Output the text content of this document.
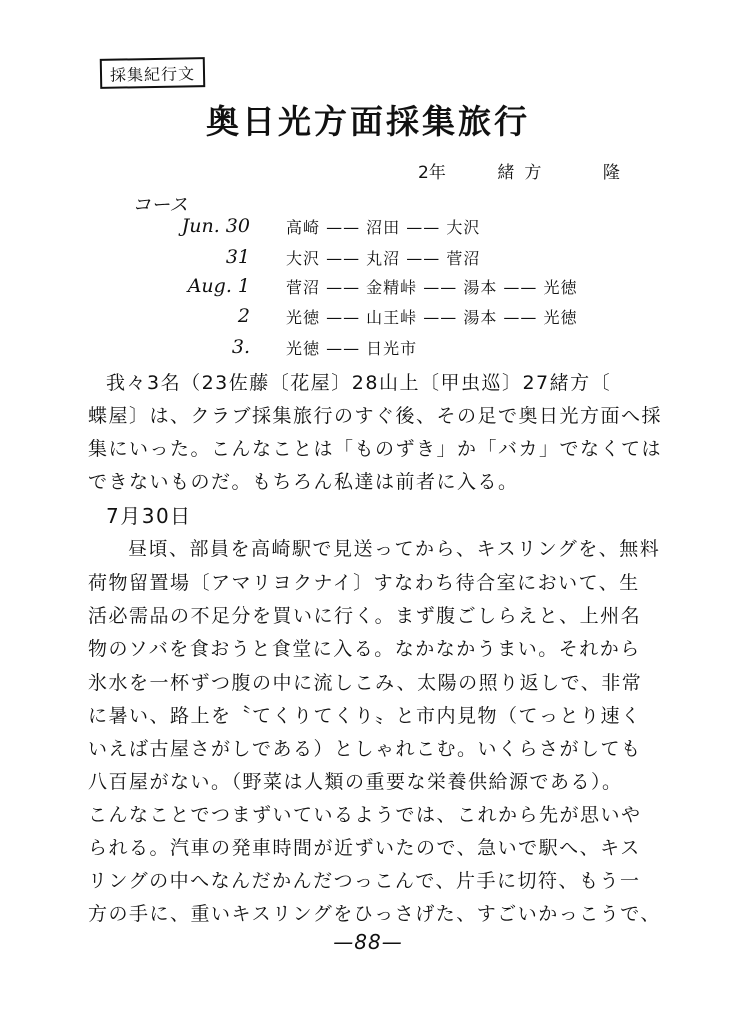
採集紀行文
奥日光方面採集旅行
2年	緒方	隆
コース
Jun. 30 高崎 —— 沼田 —— 大沢
31 大沢 —— 丸沼 —— 菅沼
Aug. 1 菅沼 —— 金精峠 —— 湯本 —— 光徳
2 光徳 —— 山王峠 —— 湯本 —— 光徳
3. 光徳 —— 日光市
我々3名（23佐藤〔花屋〕28山上〔甲虫巡〕27緒方〔
蝶屋〕は、クラブ採集旅行のすぐ後、その足で奥日光方面へ採
集にいった。こんなことは「ものずき」か「バカ」でなくては
できないものだ。もちろん私達は前者に入る。
7月30日
昼頃、部員を高崎駅で見送ってから、キスリングを、無料
荷物留置場〔アマリヨクナイ〕すなわち待合室において、生
活必需品の不足分を買いに行く。まず腹ごしらえと、上州名
物のソバを食おうと食堂に入る。なかなかうまい。それから
氷水を一杯ずつ腹の中に流しこみ、太陽の照り返しで、非常
に暑い、路上を〝てくりてくり〟と市内見物（てっとり速く
いえば古屋さがしである）としゃれこむ。いくらさがしても
八百屋がない。（野菜は人類の重要な栄養供給源である）。
こんなことでつまずいているようでは、これから先が思いや
られる。汽車の発車時間が近ずいたので、急いで駅へ、キス
リングの中へなんだかんだつっこんで、片手に切符、もう一
方の手に、重いキスリングをひっさげた、すごいかっこうで、
—88—
